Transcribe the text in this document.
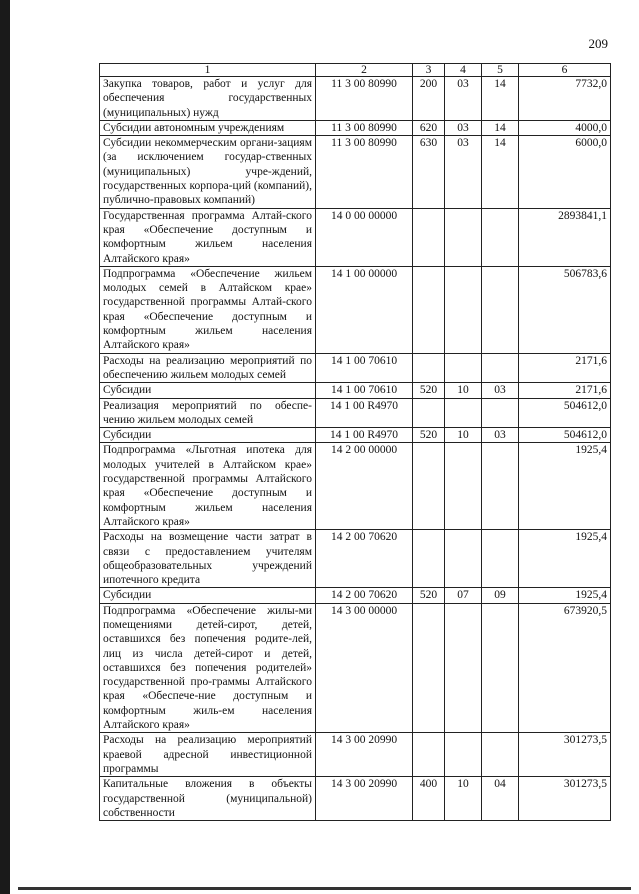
209
1	2	3	4	5	6
Закупка товаров, работ и услуг для обеспечения государственных (муниципальных) нужд	11 3 00 80990	200	03	14	7732,0
Субсидии автономным учреждениям	11 3 00 80990	620	03	14	4000,0
Субсидии некоммерческим органи-зациям (за исключением государ-ственных (муниципальных) учре-ждений, государственных корпора-ций (компаний), публично-правовых компаний)	11 3 00 80990	630	03	14	6000,0
Государственная программа Алтай-ского края «Обеспечение доступным и комфортным жильем населения Алтайского края»	14 0 00 00000				2893841,1
Подпрограмма «Обеспечение жильем молодых семей в Алтайском крае» государственной программы Алтай-ского края «Обеспечение доступным и комфортным жильем населения Алтайского края»	14 1 00 00000				506783,6
Расходы на реализацию мероприятий по обеспечению жильем молодых семей	14 1 00 70610				2171,6
Субсидии	14 1 00 70610	520	10	03	2171,6
Реализация мероприятий по обеспе-чению жильем молодых семей	14 1 00 R4970				504612,0
Субсидии	14 1 00 R4970	520	10	03	504612,0
Подпрограмма «Льготная ипотека для молодых учителей в Алтайском крае» государственной программы Алтайского края «Обеспечение доступным и комфортным жильем населения Алтайского края»	14 2 00 00000				1925,4
Расходы на возмещение части затрат в связи с предоставлением учителям общеобразовательных учреждений ипотечного кредита	14 2 00 70620				1925,4
Субсидии	14 2 00 70620	520	07	09	1925,4
Подпрограмма «Обеспечение жилы-ми помещениями детей-сирот, детей, оставшихся без попечения родите-лей, лиц из числа детей-сирот и детей, оставшихся без попечения родителей» государственной про-граммы Алтайского края «Обеспече-ние доступным и комфортным жиль-ем населения Алтайского края»	14 3 00 00000				673920,5
Расходы на реализацию мероприятий краевой адресной инвестиционной программы	14 3 00 20990				301273,5
Капитальные вложения в объекты государственной (муниципальной) собственности	14 3 00 20990	400	10	04	301273,5
